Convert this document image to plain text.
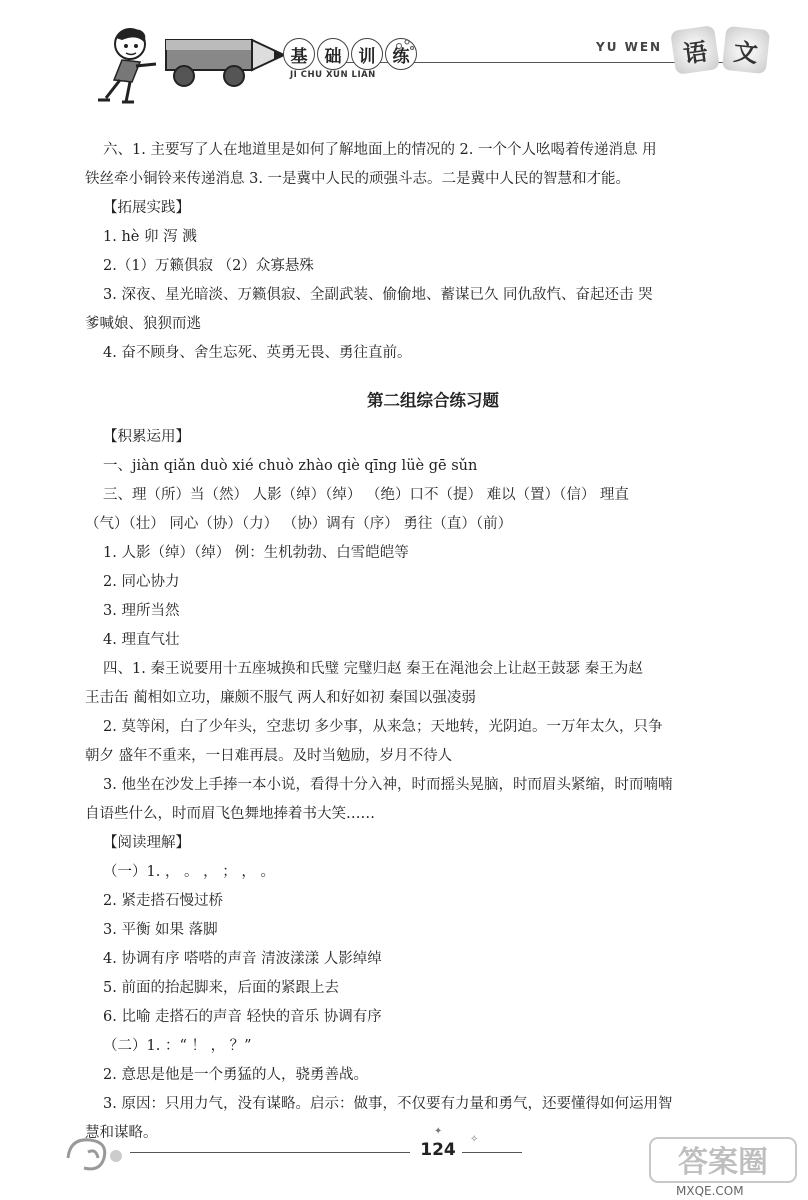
基	础	训	练
JI CHU XUN LIAN
YU WEN 语 文
六、1. 主要写了人在地道里是如何了解地面上的情况的 2. 一个个人吆喝着传递消息 用
铁丝牵小铜铃来传递消息 3. 一是冀中人民的顽强斗志。二是冀中人民的智慧和才能。
【拓展实践】
1. hè 卯 泻 溅
2.（1）万籁俱寂 （2）众寡悬殊
3. 深夜、星光暗淡、万籁俱寂、全副武装、偷偷地、蓄谋已久 同仇敌忾、奋起还击 哭
爹喊娘、狼狈而逃
4. 奋不顾身、舍生忘死、英勇无畏、勇往直前。
第二组综合练习题
【积累运用】
一、jiàn qiǎn duò xié chuò zhào qiè qīng lüè gē sǔn
三、理（所）当（然） 人影（绰）（绰） （绝）口不（提） 难以（置）（信） 理直
（气）（壮） 同心（协）（力） （协）调有（序） 勇往（直）（前）
1. 人影（绰）（绰） 例：生机勃勃、白雪皑皑等
2. 同心协力
3. 理所当然
4. 理直气壮
四、1. 秦王说要用十五座城换和氏璧 完璧归赵 秦王在渑池会上让赵王鼓瑟 秦王为赵
王击缶 蔺相如立功，廉颇不服气 两人和好如初 秦国以强凌弱
2. 莫等闲，白了少年头，空悲切 多少事，从来急；天地转，光阴迫。一万年太久，只争
朝夕 盛年不重来，一日难再晨。及时当勉励，岁月不待人
3. 他坐在沙发上手捧一本小说，看得十分入神，时而摇头晃脑，时而眉头紧缩，时而喃喃
自语些什么，时而眉飞色舞地捧着书大笑……
【阅读理解】
（一）1. ， 。 ， ； ， 。
2. 紧走搭石慢过桥
3. 平衡 如果 落脚
4. 协调有序 嗒嗒的声音 清波漾漾 人影绰绰
5. 前面的抬起脚来，后面的紧跟上去
6. 比喻 走搭石的声音 轻快的音乐 协调有序
（二）1. ：“ ！ ， ？”
2. 意思是他是一个勇猛的人，骁勇善战。
3. 原因：只用力气，没有谋略。启示：做事，不仅要有力量和勇气，还要懂得如何运用智
慧和谋略。
124
✦
✧
答案圈
MXQE.COM
